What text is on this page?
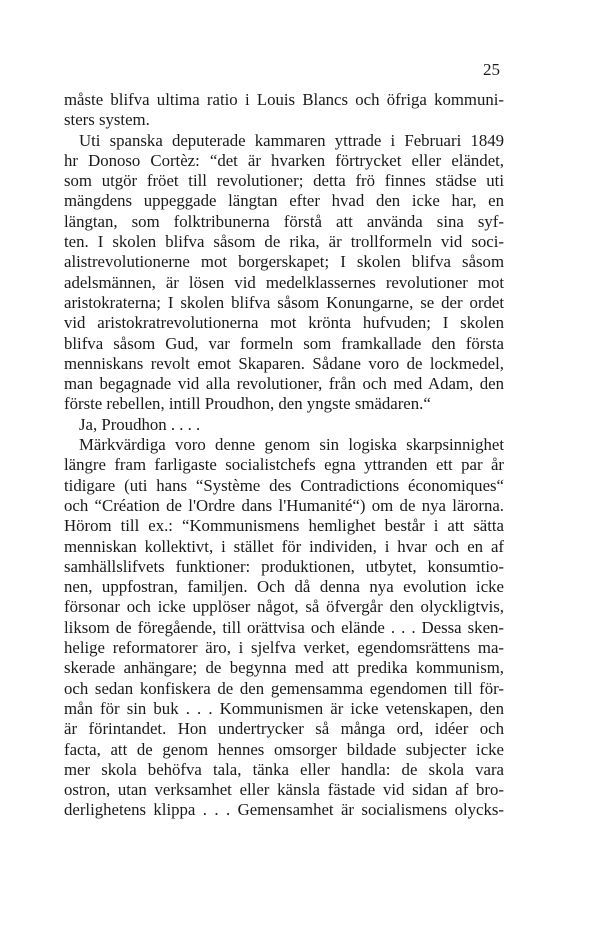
25
måste blifva ultima ratio i Louis Blancs och öfriga kommuni-
sters system.
Uti spanska deputerade kammaren yttrade i Februari 1849
hr Donoso Cortèz: “det är hvarken förtrycket eller eländet,
som utgör fröet till revolutioner; detta frö finnes städse uti
mängdens uppeggade längtan efter hvad den icke har, en
längtan, som folktribunerna förstå att använda sina syf-
ten. I skolen blifva såsom de rika, är trollformeln vid soci-
alistrevolutionerne mot borgerskapet; I skolen blifva såsom
adelsmännen, är lösen vid medelklassernes revolutioner mot
aristokraterna; I skolen blifva såsom Konungarne, se der ordet
vid aristokratrevolutionerna mot krönta hufvuden; I skolen
blifva såsom Gud, var formeln som framkallade den första
menniskans revolt emot Skaparen. Sådane voro de lockmedel,
man begagnade vid alla revolutioner, från och med Adam, den
förste rebellen, intill Proudhon, den yngste smädaren.“
Ja, Proudhon . . . .
Märkvärdiga voro denne genom sin logiska skarpsinnighet
längre fram farligaste socialistchefs egna yttranden ett par år
tidigare (uti hans “Système des Contradictions économiques“
och “Création de l'Ordre dans l'Humanité“) om de nya lärorna.
Hörom till ex.: “Kommunismens hemlighet består i att sätta
menniskan kollektivt, i stället för individen, i hvar och en af
samhällslifvets funktioner: produktionen, utbytet, konsumtio-
nen, uppfostran, familjen. Och då denna nya evolution icke
försonar och icke upplöser något, så öfvergår den olyckligtvis,
liksom de föregående, till orättvisa och elände . . . Dessa sken-
helige reformatorer äro, i sjelfva verket, egendomsrättens ma-
skerade anhängare; de begynna med att predika kommunism,
och sedan konfiskera de den gemensamma egendomen till för-
mån för sin buk . . . Kommunismen är icke vetenskapen, den
är förintandet. Hon undertrycker så många ord, idéer och
facta, att de genom hennes omsorger bildade subjecter icke
mer skola behöfva tala, tänka eller handla: de skola vara
ostron, utan verksamhet eller känsla fästade vid sidan af bro-
derlighetens klippa . . . Gemensamhet är socialismens olycks-
